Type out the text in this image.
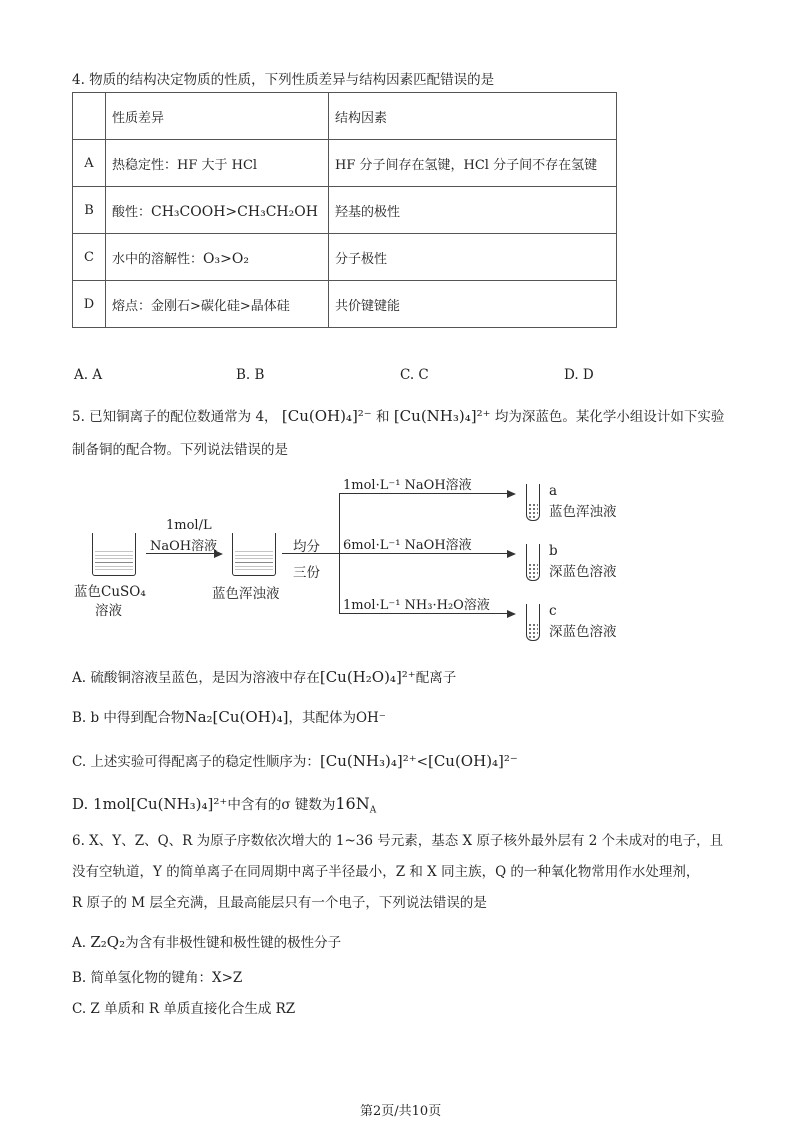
4. 物质的结构决定物质的性质，下列性质差异与结构因素匹配错误的是
	性质差异	结构因素
A	热稳定性：HF 大于 HCl	HF 分子间存在氢键，HCl 分子间不存在氢键
B	酸性：CH₃COOH>CH₃CH₂OH	羟基的极性
C	水中的溶解性：O₃>O₂	分子极性
D	熔点：金刚石>碳化硅>晶体硅	共价键键能
A. A	B. B	C. C	D. D
5. 已知铜离子的配位数通常为 4， [Cu(OH)₄]²⁻ 和 [Cu(NH₃)₄]²⁺ 均为深蓝色。某化学小组设计如下实验
制备铜的配合物。下列说法错误的是
蓝色CuSO₄
溶液
1mol/L
NaOH溶液
蓝色浑浊液
均分
三份
1mol·L⁻¹ NaOH溶液
6mol·L⁻¹ NaOH溶液
1mol·L⁻¹ NH₃·H₂O溶液
a
蓝色浑浊液
b
深蓝色溶液
c
深蓝色溶液
A. 硫酸铜溶液呈蓝色，是因为溶液中存在[Cu(H₂O)₄]²⁺配离子
B. b 中得到配合物Na₂[Cu(OH)₄]，其配体为OH⁻
C. 上述实验可得配离子的稳定性顺序为：[Cu(NH₃)₄]²⁺<[Cu(OH)₄]²⁻
D. 1mol[Cu(NH₃)₄]²⁺中含有的σ 键数为$16N_A$
6. X、Y、Z、Q、R 为原子序数依次增大的 1~36 号元素，基态 X 原子核外最外层有 2 个未成对的电子，且
没有空轨道，Y 的简单离子在同周期中离子半径最小，Z 和 X 同主族，Q 的一种氧化物常用作水处理剂，
R 原子的 M 层全充满，且最高能层只有一个电子，下列说法错误的是
A. Z₂Q₂为含有非极性键和极性键的极性分子
B. 简单氢化物的键角：X>Z
C. Z 单质和 R 单质直接化合生成 RZ
第2页/共10页
